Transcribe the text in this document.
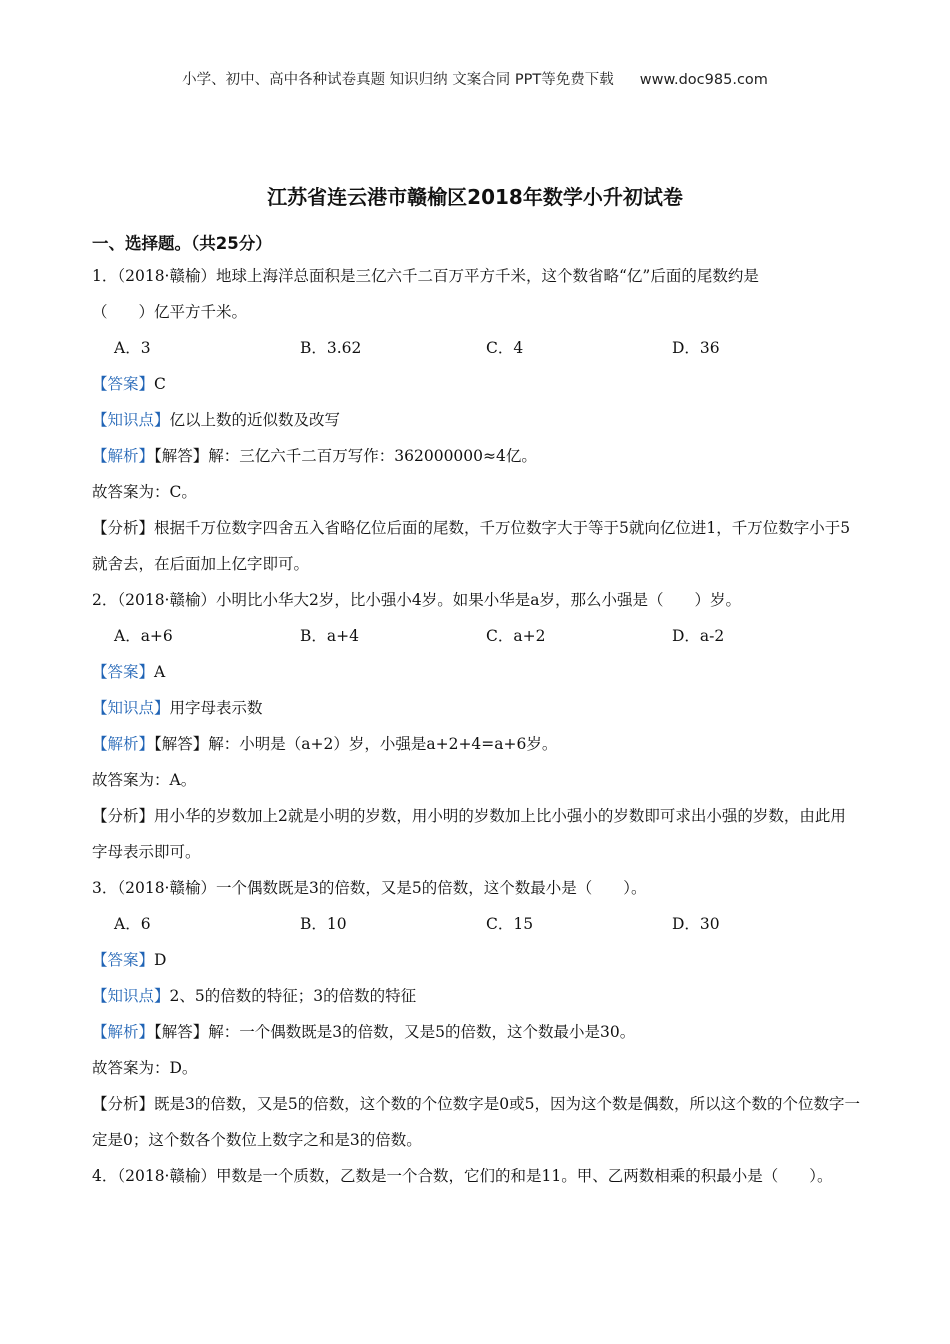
小学、初中、高中各种试卷真题 知识归纳 文案合同 PPT等免费下载 www.doc985.com
江苏省连云港市赣榆区2018年数学小升初试卷
一、选择题。（共25分）
1．（2018·赣榆）地球上海洋总面积是三亿六千二百万平方千米，这个数省略“亿”后面的尾数约是
（　　）亿平方千米。
A．3	B．3.62	C．4	D．36
【答案】C
【知识点】亿以上数的近似数及改写
【解析】【解答】解：三亿六千二百万写作：362000000≈4亿。
故答案为：C。
【分析】根据千万位数字四舍五入省略亿位后面的尾数，千万位数字大于等于5就向亿位进1，千万位数字小于5就舍去，在后面加上亿字即可。
2．（2018·赣榆）小明比小华大2岁，比小强小4岁。如果小华是a岁，那么小强是（　　）岁。
A．a+6	B．a+4	C．a+2	D．a-2
【答案】A
【知识点】用字母表示数
【解析】【解答】解：小明是（a+2）岁，小强是a+2+4=a+6岁。
故答案为：A。
【分析】用小华的岁数加上2就是小明的岁数，用小明的岁数加上比小强小的岁数即可求出小强的岁数，由此用字母表示即可。
3．（2018·赣榆）一个偶数既是3的倍数，又是5的倍数，这个数最小是（　　）。
A．6	B．10	C．15	D．30
【答案】D
【知识点】2、5的倍数的特征；3的倍数的特征
【解析】【解答】解：一个偶数既是3的倍数，又是5的倍数，这个数最小是30。
故答案为：D。
【分析】既是3的倍数，又是5的倍数，这个数的个位数字是0或5，因为这个数是偶数，所以这个数的个位数字一定是0；这个数各个数位上数字之和是3的倍数。
4．（2018·赣榆）甲数是一个质数，乙数是一个合数，它们的和是11。甲、乙两数相乘的积最小是（　　）。
